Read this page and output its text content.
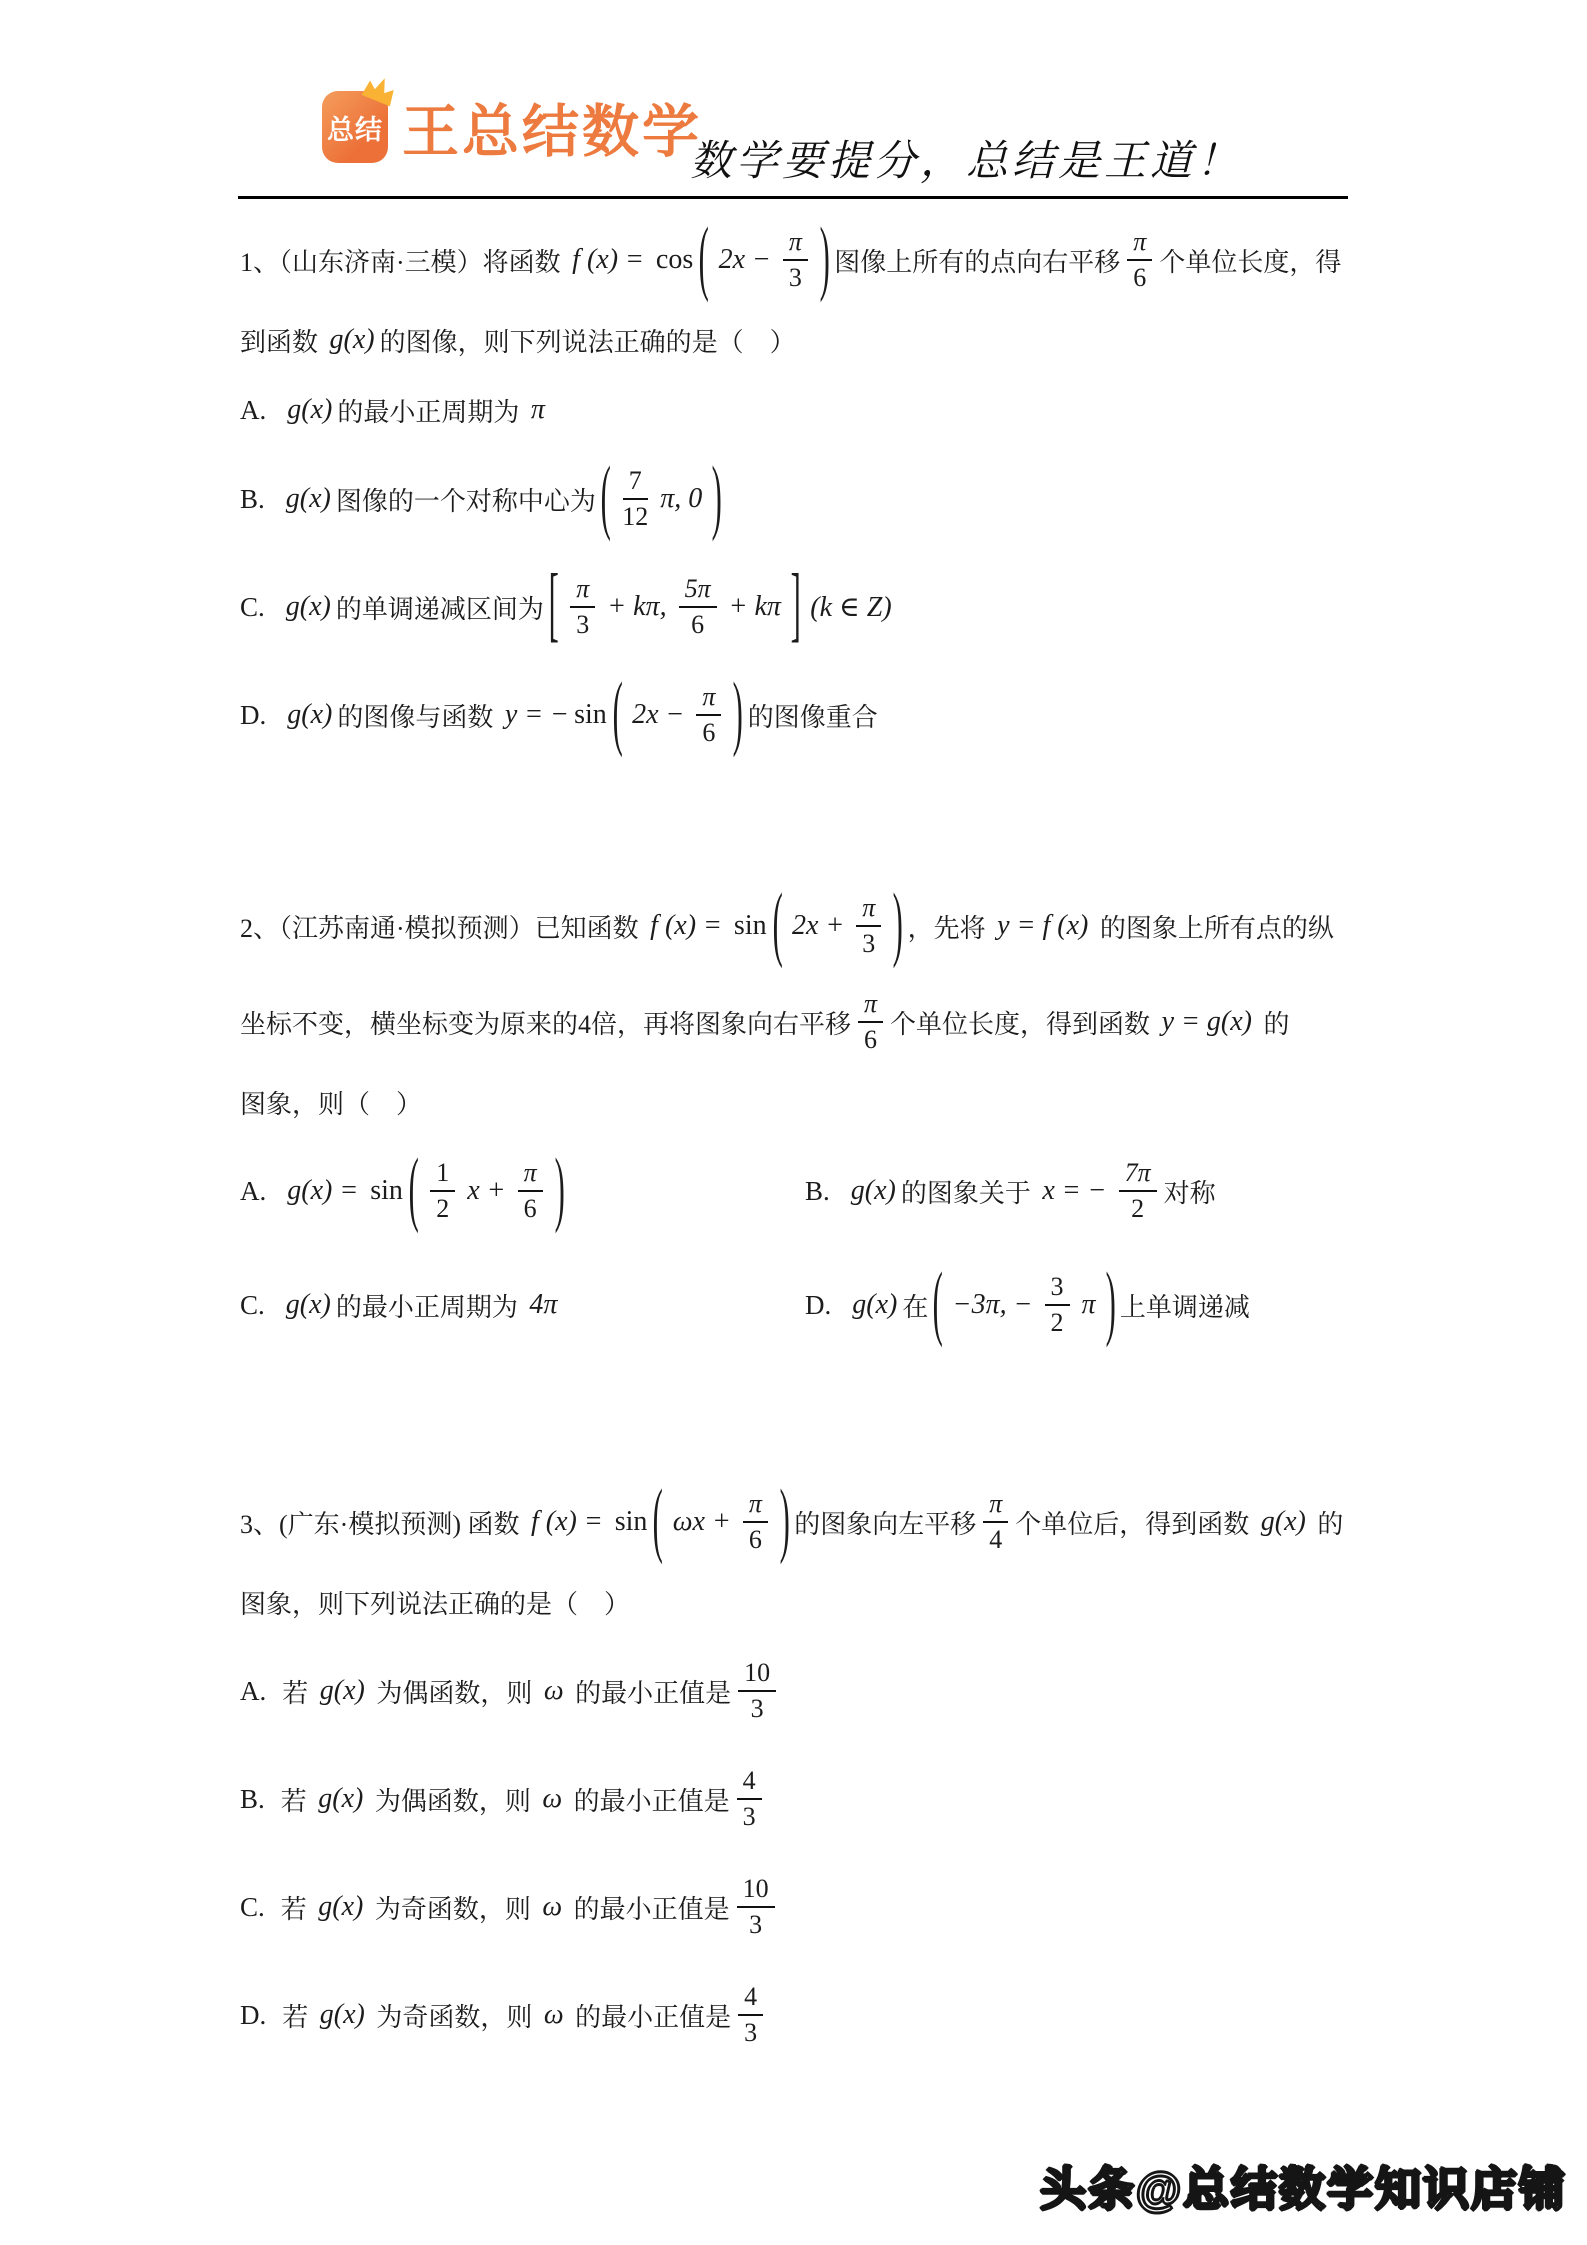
总结 王总结数学
数学要提分，总结是王道！
1、（山东济南·三模）将函数 f (x) = cos ( $2x - \frac{\pi}{3}$ ) 图像上所有的点向右平移 $\frac{\pi}{6}$ 个单位长度，得
到函数 g(x) 的图像，则下列说法正确的是（　）
A. g(x) 的最小正周期为 π
B. g(x) 图像的一个对称中心为 ( $\frac{7}{12} \pi$, 0 )
C. g(x) 的单调递减区间为 [ $\frac{\pi}{3} + k\pi$, $\frac{5\pi}{6} + k\pi$ ] (k ∈ Z)
D. g(x) 的图像与函数 y = − sin ( $2x - \frac{\pi}{6}$ ) 的图像重合
2、（江苏南通·模拟预测）已知函数 f (x) = sin ( $2x + \frac{\pi}{3}$ ) ，先将 y = f (x) 的图象上所有点的纵
坐标不变，横坐标变为原来的4倍，再将图象向右平移 $\frac{\pi}{6}$ 个单位长度，得到函数 y = g(x) 的
图象，则（　）
A. g(x) = sin ( $\frac{1}{2}$ $x + \frac{\pi}{6}$ )	B. g(x) 的图象关于 x = − $\frac{7\pi}{2}$ 对称
C. g(x) 的最小正周期为 4π	D. g(x) 在 ( −3π, − $\frac{3}{2}$ π ) 上单调递减
3、(广东·模拟预测) 函数 f (x) = sin ( $\omega x + \frac{\pi}{6}$ ) 的图象向左平移 $\frac{\pi}{4}$ 个单位后，得到函数 g(x) 的
图象，则下列说法正确的是（　）
A. 若 g(x) 为偶函数，则 ω 的最小正值是 $\frac{10}{3}$
B. 若 g(x) 为偶函数，则 ω 的最小正值是 $\frac{4}{3}$
C. 若 g(x) 为奇函数，则 ω 的最小正值是 $\frac{10}{3}$
D. 若 g(x) 为奇函数，则 ω 的最小正值是 $\frac{4}{3}$
头条@总结数学知识店铺
